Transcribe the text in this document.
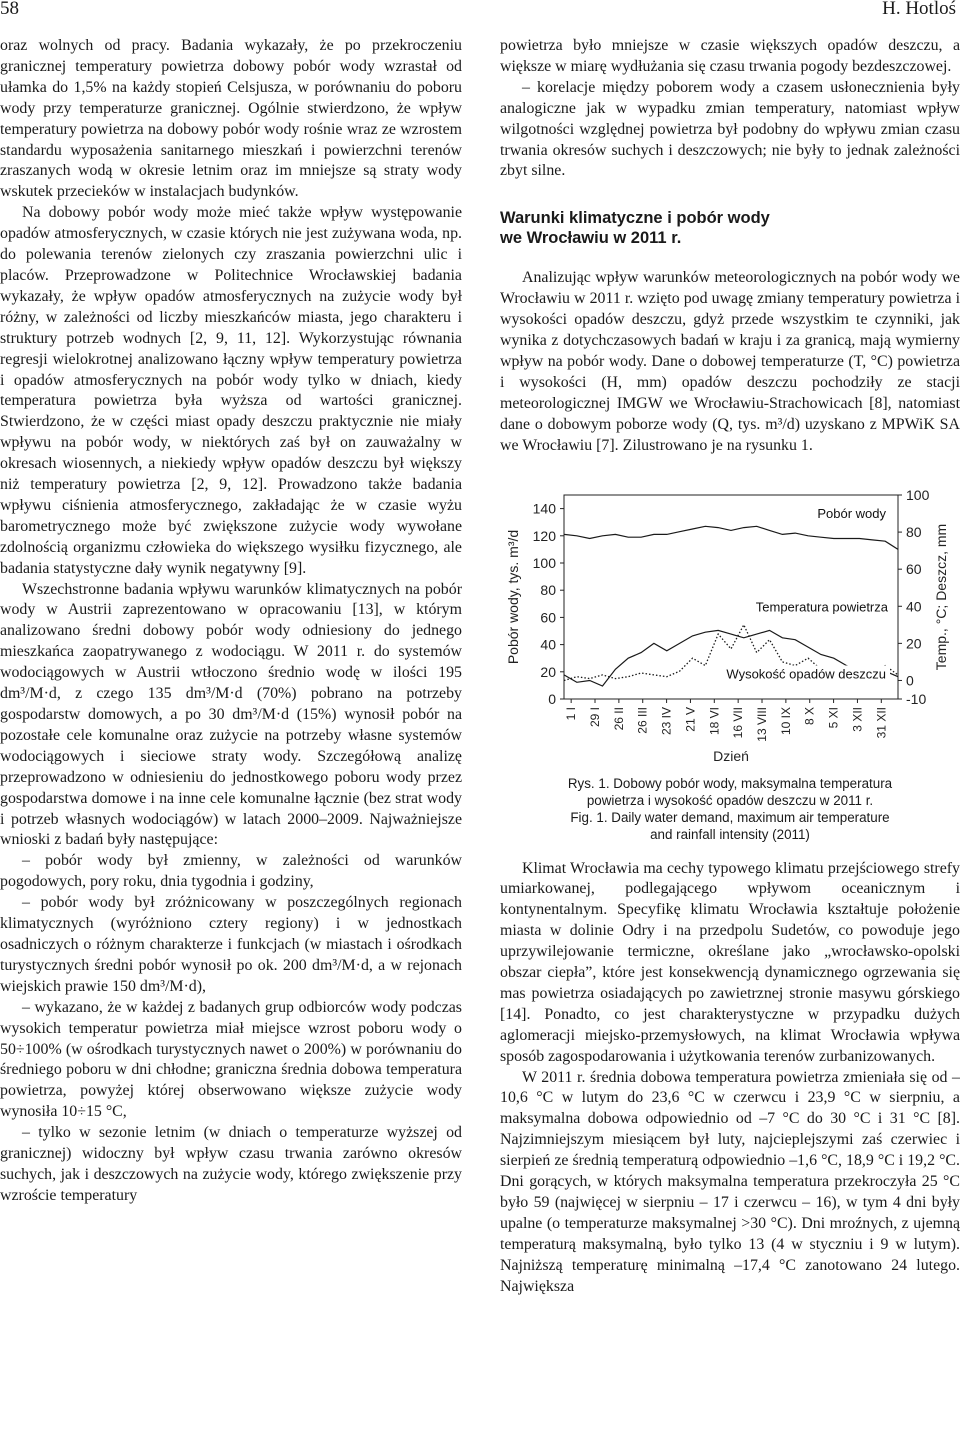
58	H. Hotloś

oraz wolnych od pracy. Badania wykazały, że po przekroczeniu granicznej temperatury powietrza dobowy pobór wody wzrastał od ułamka do 1,5% na każdy stopień Celsjusza, w porównaniu do poboru wody przy temperaturze granicznej. Ogólnie stwierdzono, że wpływ temperatury powietrza na dobowy pobór wody rośnie wraz ze wzrostem standardu wyposażenia sanitarnego mieszkań i powierzchni terenów zraszanych wodą w okresie letnim oraz im mniejsze są straty wody wskutek przecieków w instalacjach budynków.

Na dobowy pobór wody może mieć także wpływ występowanie opadów atmosferycznych, w czasie których nie jest zużywana woda, np. do polewania terenów zielonych czy zraszania powierzchni ulic i placów. Przeprowadzone w Politechnice Wrocławskiej badania wykazały, że wpływ opadów atmosferycznych na zużycie wody był różny, w zależności od liczby mieszkańców miasta, jego charakteru i struktury potrzeb wodnych [2, 9, 11, 12]. Wykorzystując równania regresji wielokrotnej analizowano łączny wpływ temperatury powietrza i opadów atmosferycznych na pobór wody tylko w dniach, kiedy temperatura powietrza była wyższa od wartości granicznej. Stwierdzono, że w części miast opady deszczu praktycznie nie miały wpływu na pobór wody, w niektórych zaś był on zauważalny w okresach wiosennych, a niekiedy wpływ opadów deszczu był większy niż temperatury powietrza [2, 9, 12]. Prowadzono także badania wpływu ciśnienia atmosferycznego, zakładając że w czasie wyżu barometrycznego może być zwiększone zużycie wody wywołane zdolnością organizmu człowieka do większego wysiłku fizycznego, ale badania statystyczne dały wynik negatywny [9].

Wszechstronne badania wpływu warunków klimatycznych na pobór wody w Austrii zaprezentowano w opracowaniu [13], w którym analizowano średni dobowy pobór wody odniesiony do jednego mieszkańca zaopatrywanego z wodociągu. W 2011 r. do systemów wodociągowych w Austrii wtłoczono średnio wodę w ilości 195 dm³/M·d, z czego 135 dm³/M·d (70%) pobrano na potrzeby gospodarstw domowych, a po 30 dm³/M·d (15%) wynosił pobór na pozostałe cele komunalne oraz zużycie na potrzeby własne systemów wodociągowych i sieciowe straty wody. Szczegółową analizę przeprowadzono w odniesieniu do jednostkowego poboru wody przez gospodarstwa domowe i na inne cele komunalne łącznie (bez strat wody i potrzeb własnych wodociągów) w latach 2000–2009. Najważniejsze wnioski z badań były następujące:

– pobór wody był zmienny, w zależności od warunków pogodowych, pory roku, dnia tygodnia i godziny,

– pobór wody był zróżnicowany w poszczególnych regionach klimatycznych (wyróżniono cztery regiony) i w jednostkach osadniczych o różnym charakterze i funkcjach (w miastach i ośrodkach turystycznych średni pobór wynosił po ok. 200 dm³/M·d, a w rejonach wiejskich prawie 150 dm³/M·d),

– wykazano, że w każdej z badanych grup odbiorców wody podczas wysokich temperatur powietrza miał miejsce wzrost poboru wody o 50÷100% (w ośrodkach turystycznych nawet o 200%) w porównaniu do średniego poboru w dni chłodne; graniczna średnia dobowa temperatura powietrza, powyżej której obserwowano większe zużycie wody wynosiła 10÷15 °C,

– tylko w sezonie letnim (w dniach o temperaturze wyższej od granicznej) widoczny był wpływ czasu trwania zarówno okresów suchych, jak i deszczowych na zużycie wody, którego zwiększenie przy wzroście temperatury

powietrza było mniejsze w czasie większych opadów deszczu, a większe w miarę wydłużania się czasu trwania pogody bezdeszczowej.

– korelacje między poborem wody a czasem usłonecznienia były analogiczne jak w wypadku zmian temperatury, natomiast wpływ wilgotności względnej powietrza był podobny do wpływu zmian czasu trwania okresów suchych i deszczowych; nie były to jednak zależności zbyt silne.

Warunki klimatyczne i pobór wody
we Wrocławiu w 2011 r.

Analizując wpływ warunków meteorologicznych na pobór wody we Wrocławiu w 2011 r. wzięto pod uwagę zmiany temperatury powietrza i wysokości opadów deszczu, gdyż przede wszystkim te czynniki, jak wynika z dotychczasowych badań w kraju i za granicą, mają wymierny wpływ na pobór wody. Dane o dobowej temperaturze (T, °C) powietrza i wysokości (H, mm) opadów deszczu pochodziły ze stacji meteorologicznej IMGW we Wrocławiu-Strachowicach [8], natomiast dane o dobowym poborze wody (Q, tys. m³/d) uzyskano z MPWiK SA we Wrocławiu [7]. Zilustrowano je na rysunku 1.

0
20
40
60
80
100
120
140
-10
0
20
40
60
80
100
1 I 29 I 26 II 26 III 23 IV 21 V 18 VI 16 VII 13 VIII 10 IX 8 X 5 XI 3 XII 31 XII
Dzień
Pobór wody, tys. m³/d	Temp., °C; Deszcz, mm
Pobór wody
Temperatura powietrza
Wysokość opadów deszczu
Rys. 1. Dobowy pobór wody, maksymalna temperatura
powietrza i wysokość opadów deszczu w 2011 r.
Fig. 1. Daily water demand, maximum air temperature
and rainfall intensity (2011)

Klimat Wrocławia ma cechy typowego klimatu przejściowego strefy umiarkowanej, podlegającego wpływom oceanicznym i kontynentalnym. Specyfikę klimatu Wrocławia kształtuje położenie miasta w dolinie Odry i na przedpolu Sudetów, co powoduje jego uprzywilejowanie termiczne, określane jako „wrocławsko-opolski obszar ciepła”, które jest konsekwencją dynamicznego ogrzewania się mas powietrza osiadających po zawietrznej stronie masywu górskiego [14]. Ponadto, co jest charakterystyczne w przypadku dużych aglomeracji miejsko-przemysłowych, na klimat Wrocławia wpływa sposób zagospodarowania i użytkowania terenów zurbanizowanych.

W 2011 r. średnia dobowa temperatura powietrza zmieniała się od –10,6 °C w lutym do 23,6 °C w czerwcu i 23,9 °C w sierpniu, a maksymalna dobowa odpowiednio od –7 °C do 30 °C i 31 °C [8]. Najzimniejszym miesiącem był luty, najcieplejszymi zaś czerwiec i sierpień ze średnią temperaturą odpowiednio –1,6 °C, 18,9 °C i 19,2 °C. Dni gorących, w których maksymalna temperatura przekroczyła 25 °C było 59 (najwięcej w sierpniu – 17 i czerwcu – 16), w tym 4 dni były upalne (o temperaturze maksymalnej >30 °C). Dni mroźnych, z ujemną temperaturą maksymalną, było tylko 13 (4 w styczniu i 9 w lutym). Najniższą temperaturę minimalną –17,4 °C zanotowano 24 lutego. Największa
